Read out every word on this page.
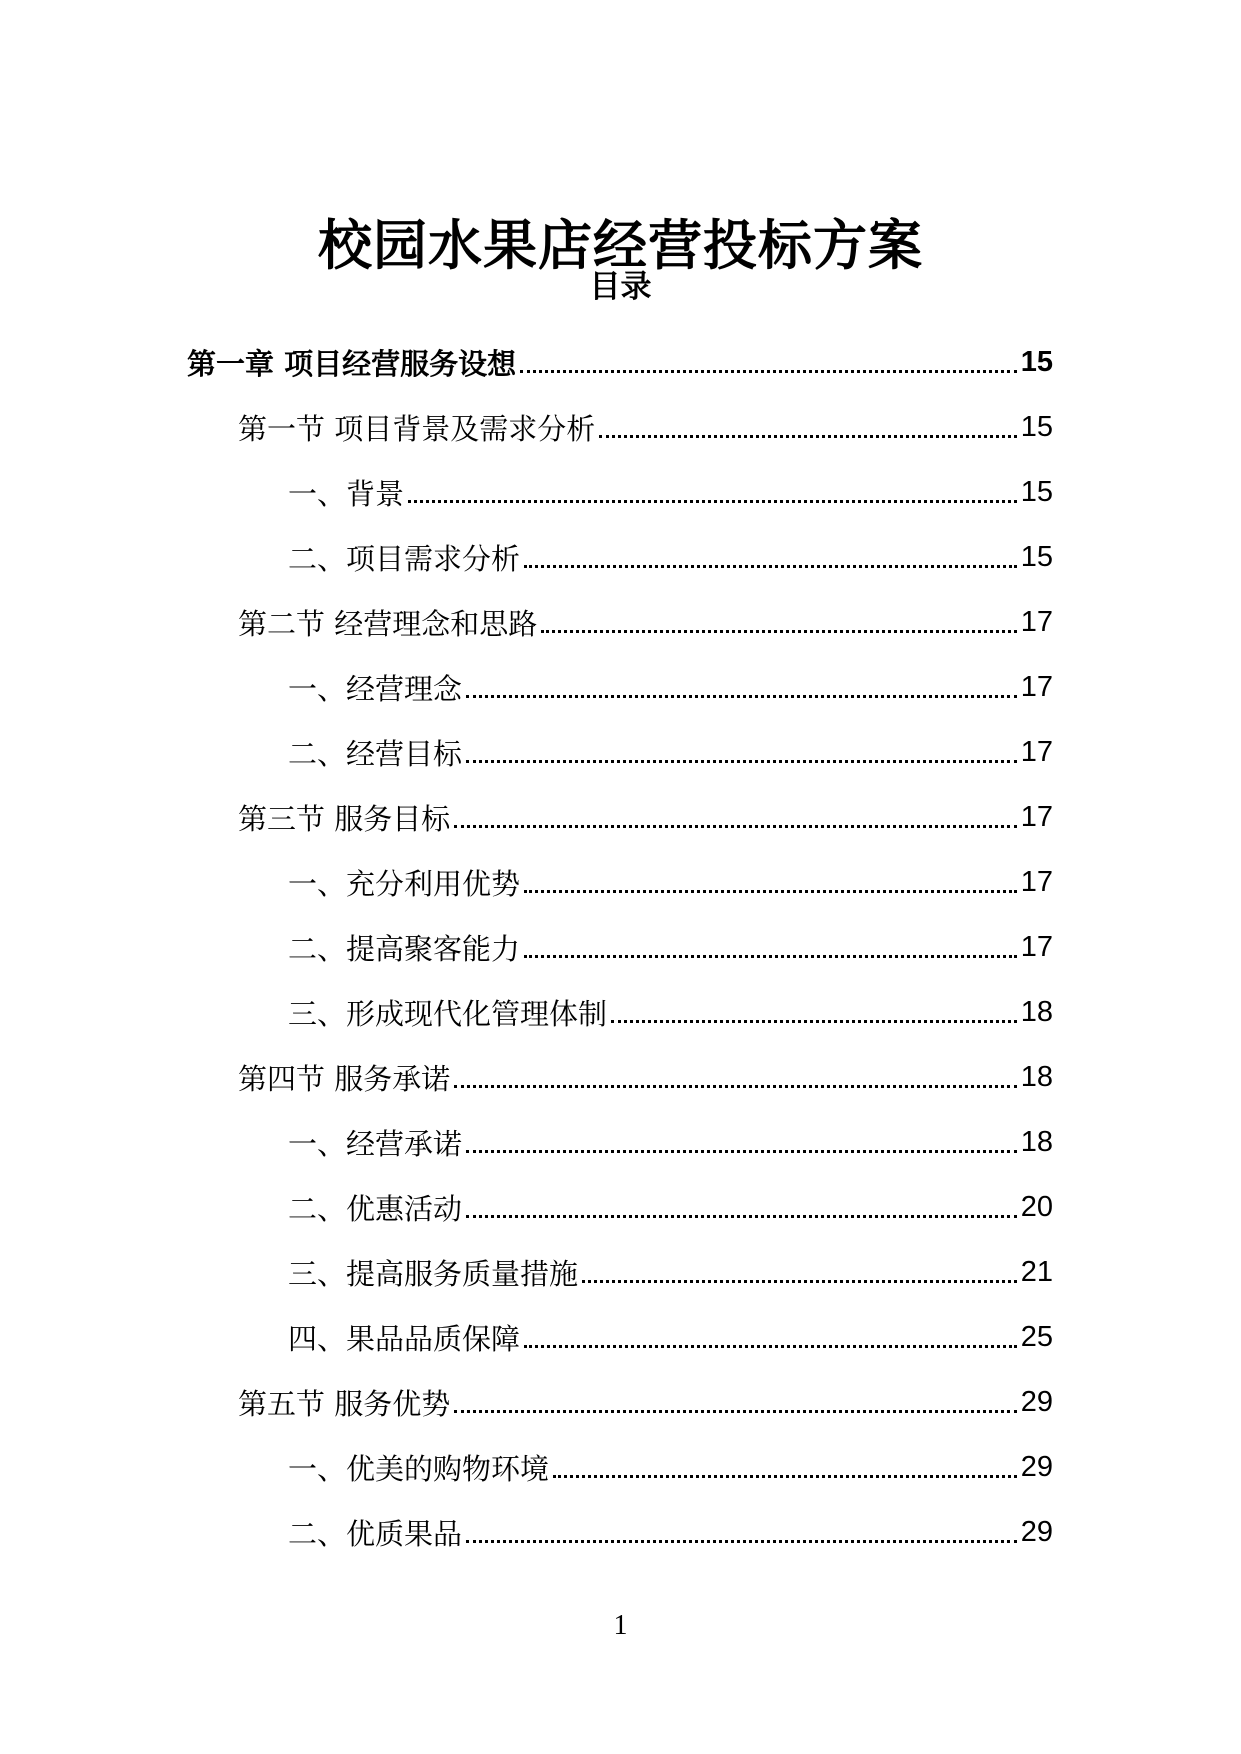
校园水果店经营投标方案
目录
第一章 项目经营服务设想	15
第一节 项目背景及需求分析	15
一、背景	15
二、项目需求分析	15
第二节 经营理念和思路	17
一、经营理念	17
二、经营目标	17
第三节 服务目标	17
一、充分利用优势	17
二、提高聚客能力	17
三、形成现代化管理体制	18
第四节 服务承诺	18
一、经营承诺	18
二、优惠活动	20
三、提高服务质量措施	21
四、果品品质保障	25
第五节 服务优势	29
一、优美的购物环境	29
二、优质果品	29
1
